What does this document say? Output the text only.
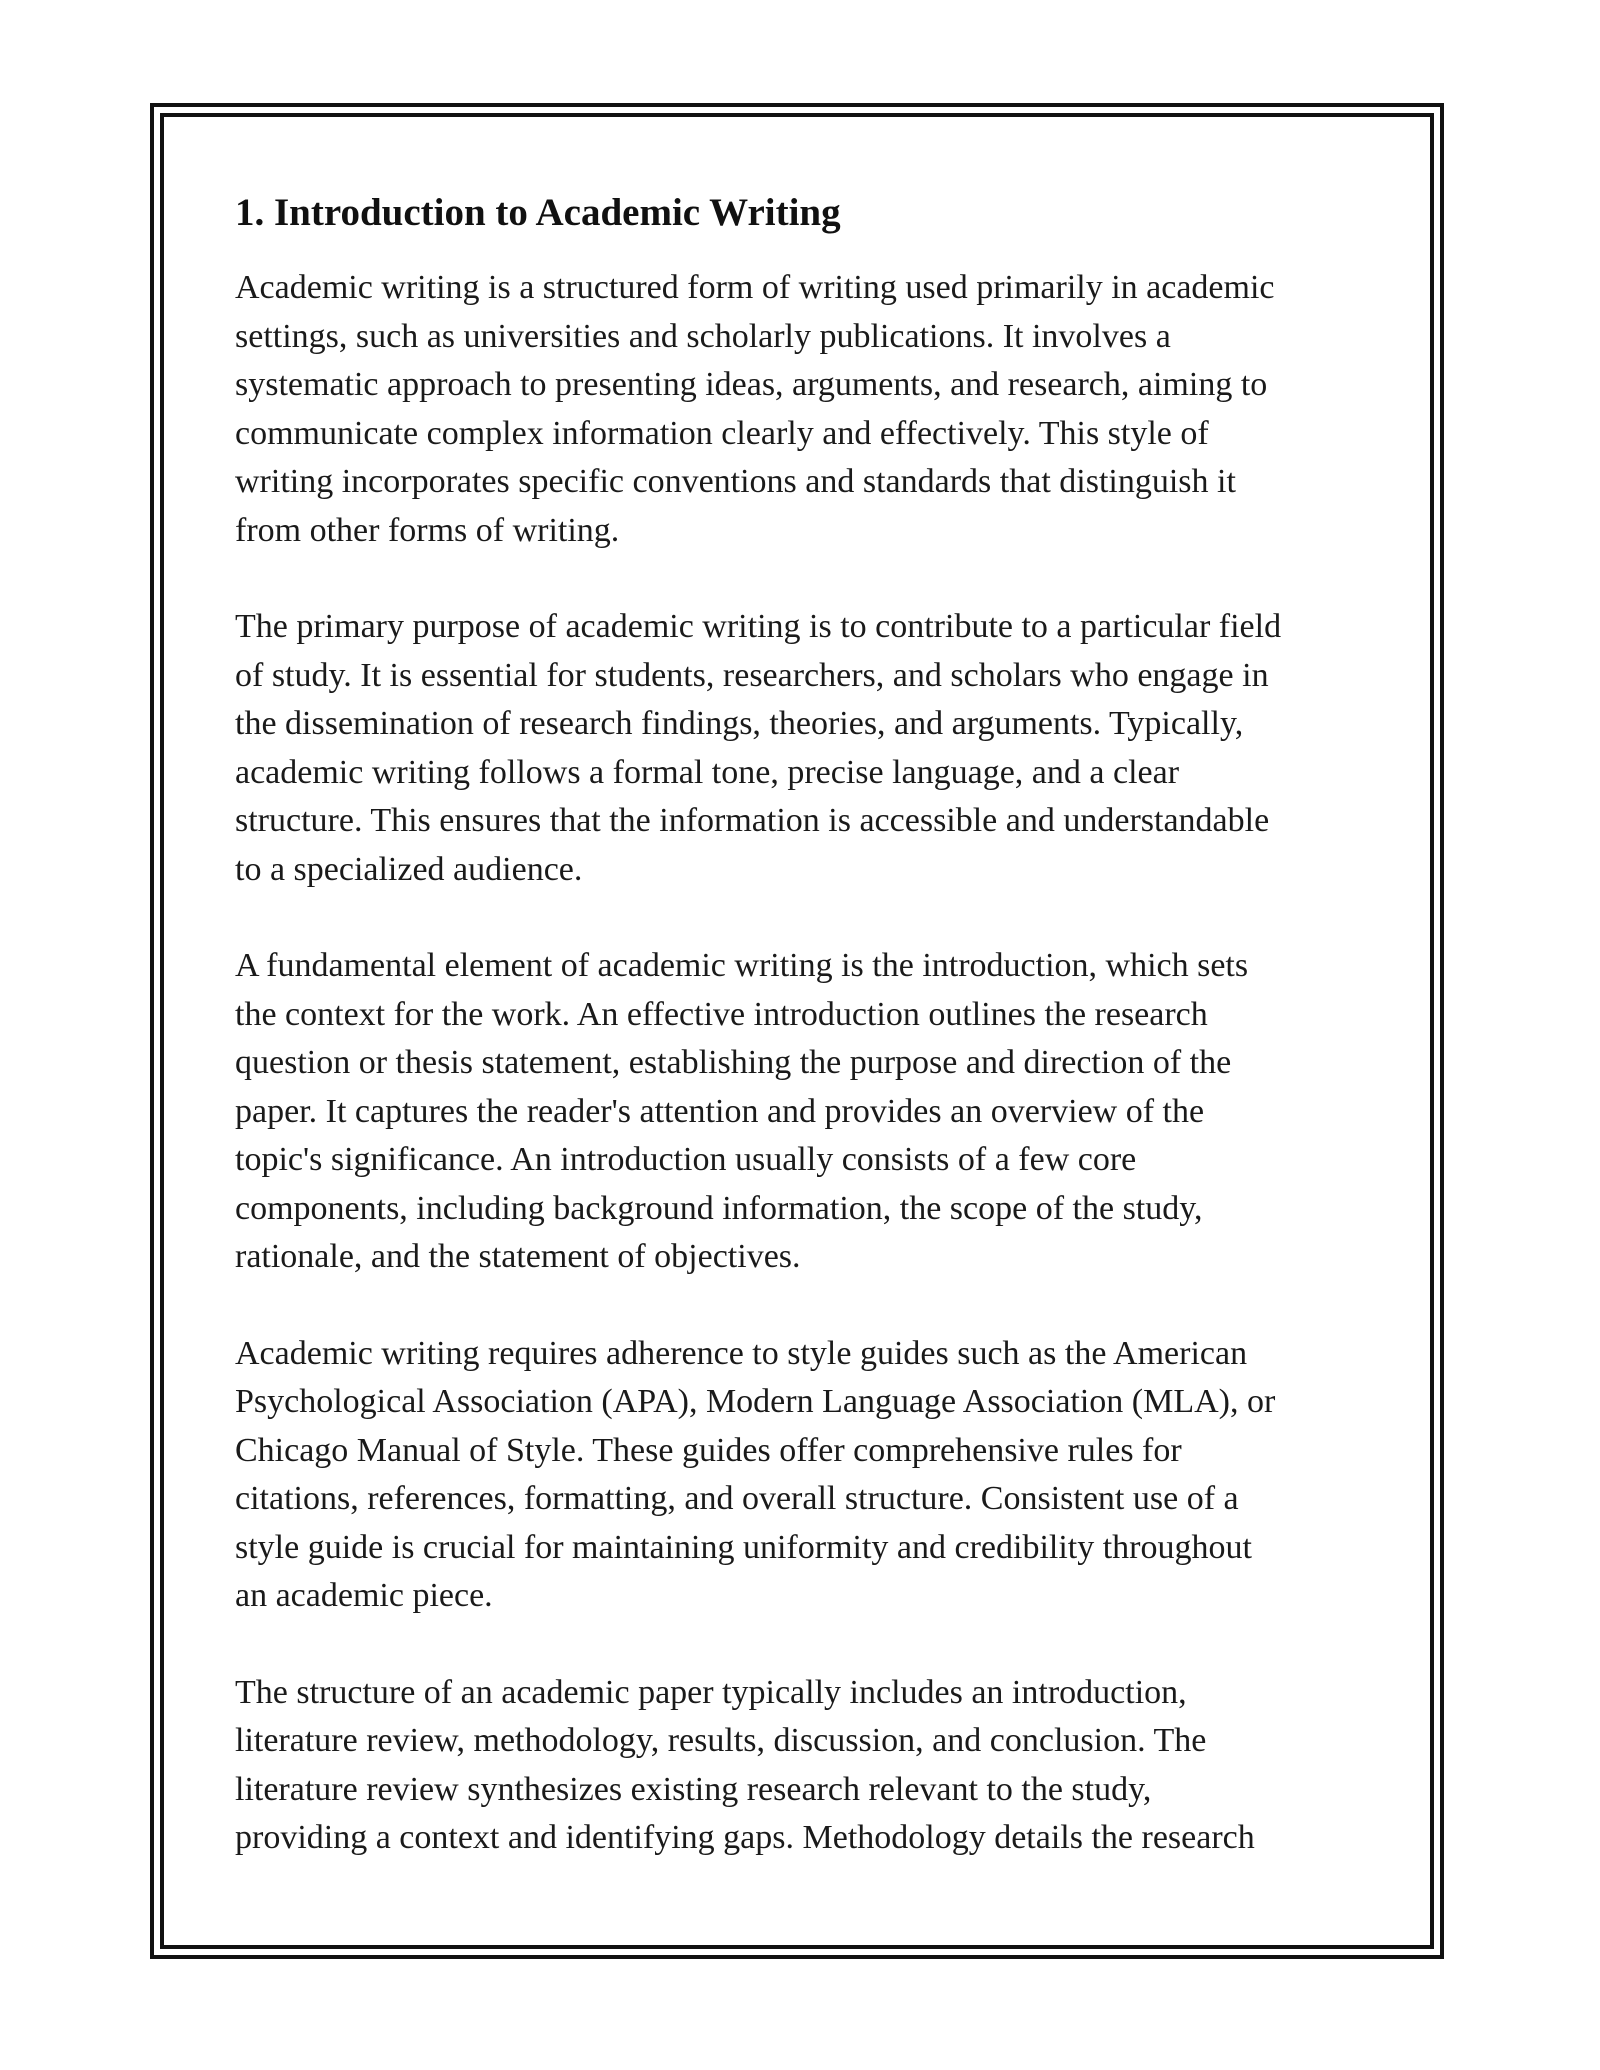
1. Introduction to Academic Writing

Academic writing is a structured form of writing used primarily in academic
settings, such as universities and scholarly publications. It involves a
systematic approach to presenting ideas, arguments, and research, aiming to
communicate complex information clearly and effectively. This style of
writing incorporates specific conventions and standards that distinguish it
from other forms of writing.

The primary purpose of academic writing is to contribute to a particular field
of study. It is essential for students, researchers, and scholars who engage in
the dissemination of research findings, theories, and arguments. Typically,
academic writing follows a formal tone, precise language, and a clear
structure. This ensures that the information is accessible and understandable
to a specialized audience.

A fundamental element of academic writing is the introduction, which sets
the context for the work. An effective introduction outlines the research
question or thesis statement, establishing the purpose and direction of the
paper. It captures the reader's attention and provides an overview of the
topic's significance. An introduction usually consists of a few core
components, including background information, the scope of the study,
rationale, and the statement of objectives.

Academic writing requires adherence to style guides such as the American
Psychological Association (APA), Modern Language Association (MLA), or
Chicago Manual of Style. These guides offer comprehensive rules for
citations, references, formatting, and overall structure. Consistent use of a
style guide is crucial for maintaining uniformity and credibility throughout
an academic piece.

The structure of an academic paper typically includes an introduction,
literature review, methodology, results, discussion, and conclusion. The
literature review synthesizes existing research relevant to the study,
providing a context and identifying gaps. Methodology details the research
